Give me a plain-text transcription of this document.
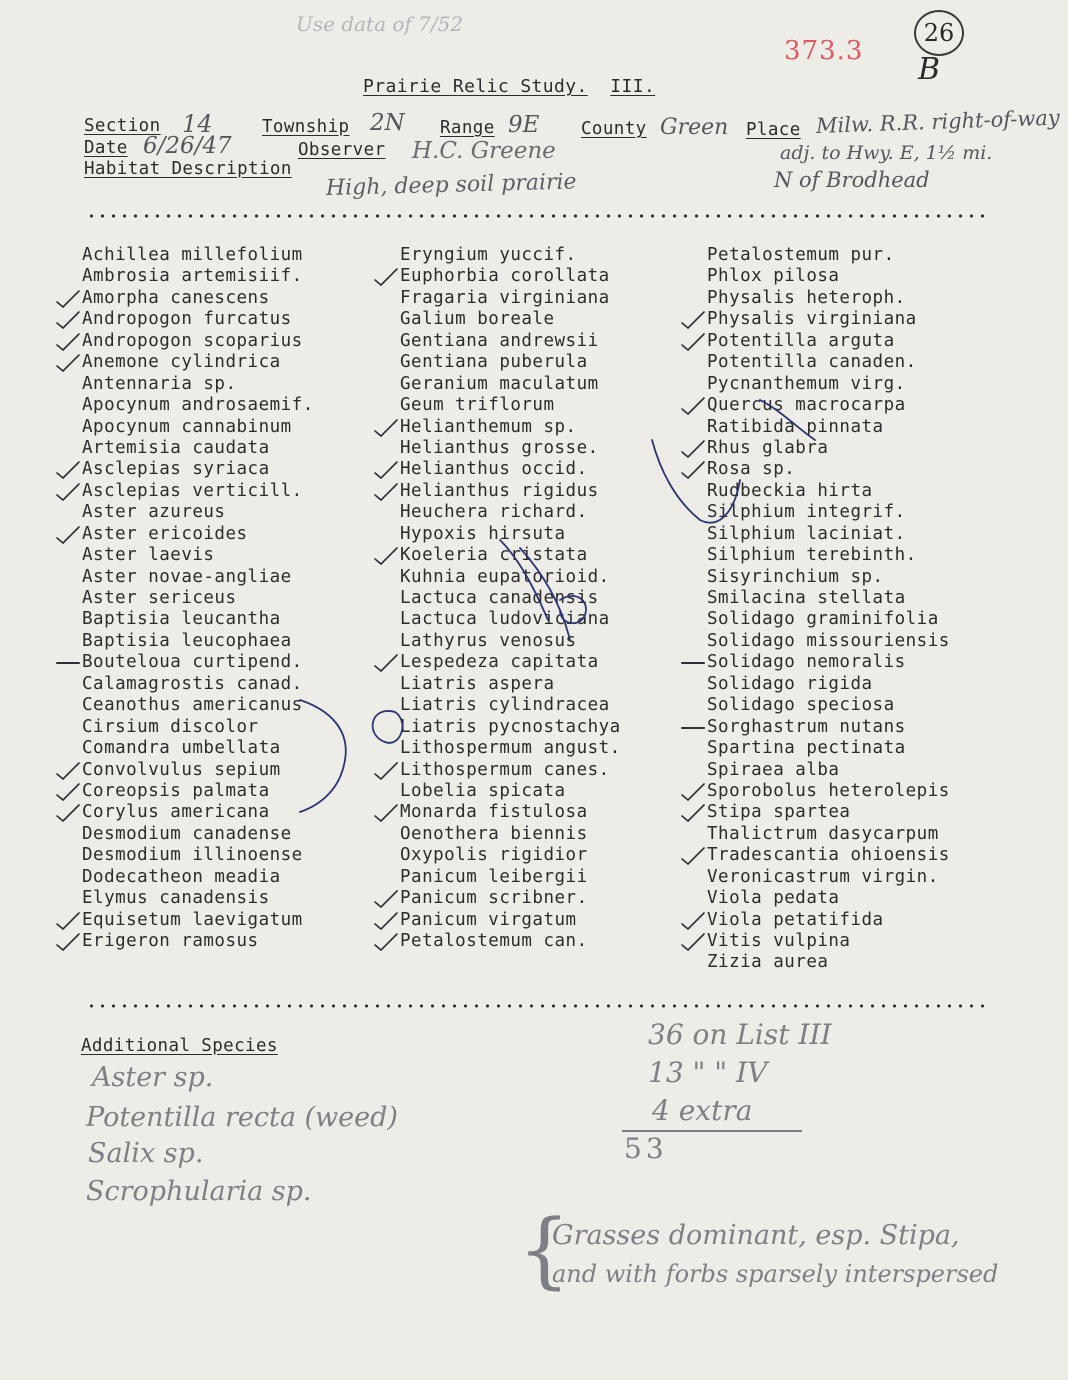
Use data of 7/52
373.3
26
B
Prairie Relic Study. III.
Section 14	Township 2N Range 9E County Green Place Milw. R.R. right-of-way
adj. to Hwy. E, 1½ mi.
N of Brodhead
Date 6/26/47	Observer H.C. Greene
Habitat Description
High, deep soil prairie
Achillea millefolium
Ambrosia artemisiif.
Amorpha canescens
Andropogon furcatus
Andropogon scoparius
Anemone cylindrica
Antennaria sp.
Apocynum androsaemif.
Apocynum cannabinum
Artemisia caudata
Asclepias syriaca
Asclepias verticill.
Aster azureus
Aster ericoides
Aster laevis
Aster novae-angliae
Aster sericeus
Baptisia leucantha
Baptisia leucophaea
Bouteloua curtipend.
Calamagrostis canad.
Ceanothus americanus
Cirsium discolor
Comandra umbellata
Convolvulus sepium
Coreopsis palmata
Corylus americana
Desmodium canadense
Desmodium illinoense
Dodecatheon meadia
Elymus canadensis
Equisetum laevigatum
Erigeron ramosus
Eryngium yuccif.
Euphorbia corollata
Fragaria virginiana
Galium boreale
Gentiana andrewsii
Gentiana puberula
Geranium maculatum
Geum triflorum
Helianthemum sp.
Helianthus grosse.
Helianthus occid.
Helianthus rigidus
Heuchera richard.
Hypoxis hirsuta
Koeleria cristata
Kuhnia eupatorioid.
Lactuca canadensis
Lactuca ludoviciana
Lathyrus venosus
Lespedeza capitata
Liatris aspera
Liatris cylindracea
Liatris pycnostachya
Lithospermum angust.
Lithospermum canes.
Lobelia spicata
Monarda fistulosa
Oenothera biennis
Oxypolis rigidior
Panicum leibergii
Panicum scribner.
Panicum virgatum
Petalostemum can.
Petalostemum pur.
Phlox pilosa
Physalis heteroph.
Physalis virginiana
Potentilla arguta
Potentilla canaden.
Pycnanthemum virg.
Quercus macrocarpa
Ratibida pinnata
Rhus glabra
Rosa sp.
Rudbeckia hirta
Silphium integrif.
Silphium laciniat.
Silphium terebinth.
Sisyrinchium sp.
Smilacina stellata
Solidago graminifolia
Solidago missouriensis
Solidago nemoralis
Solidago rigida
Solidago speciosa
Sorghastrum nutans
Spartina pectinata
Spiraea alba
Sporobolus heterolepis
Stipa spartea
Thalictrum dasycarpum
Tradescantia ohioensis
Veronicastrum virgin.
Viola pedata
Viola petatifida
Vitis vulpina
Zizia aurea
Additional Species
Aster sp.
Potentilla recta (weed)
Salix sp.
Scrophularia sp.
36 on List III
13 " " IV
4 extra
53
{
Grasses dominant, esp. Stipa,
and with forbs sparsely interspersed
